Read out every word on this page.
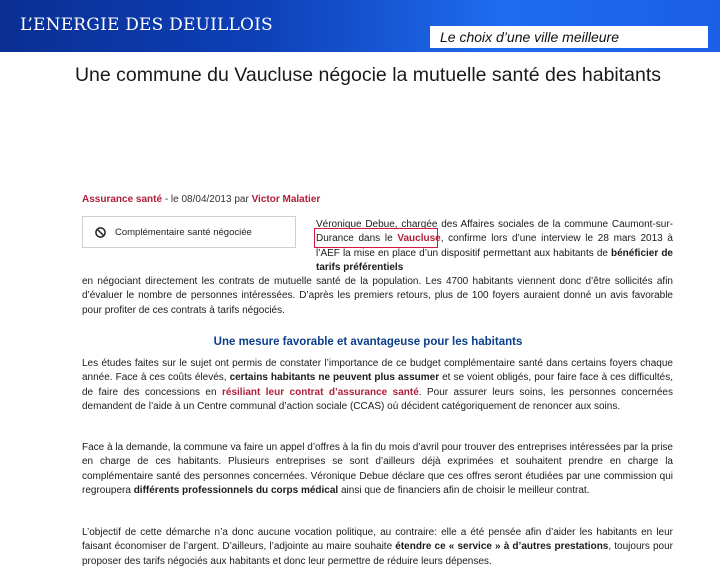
L’ENERGIE DES DEUILLOIS
Le choix d’une ville meilleure
Une commune du Vaucluse négocie la mutuelle santé des habitants
Assurance santé - le 08/04/2013 par Victor Malatier
Complémentaire santé négociée
Véronique Debue, chargée des Affaires sociales de la commune Caumont-sur-Durance dans le Vaucluse, confirme lors d’une interview le 28 mars 2013 à l’AEF la mise en place d’un dispositif permettant aux habitants de bénéficier de tarifs préférentiels
en négociant directement les contrats de mutuelle santé de la population. Les 4700 habitants viennent donc d’être sollicités afin d’évaluer le nombre de personnes intéressées. D’après les premiers retours, plus de 100 foyers auraient donné un avis favorable pour profiter de ces contrats à tarifs négociés.
Une mesure favorable et avantageuse pour les habitants
Les études faites sur le sujet ont permis de constater l’importance de ce budget complémentaire santé dans certains foyers chaque année. Face à ces coûts élevés, certains habitants ne peuvent plus assumer et se voient obligés, pour faire face à ces difficultés, de faire des concessions en résiliant leur contrat d’assurance santé. Pour assurer leurs soins, les personnes concernées demandent de l’aide à un Centre communal d’action sociale (CCAS) où décident catégoriquement de renoncer aux soins.
Face à la demande, la commune va faire un appel d’offres à la fin du mois d’avril pour trouver des entreprises intéressées par la prise en charge de ces habitants. Plusieurs entreprises se sont d’ailleurs déjà exprimées et souhaitent prendre en charge la complémentaire santé des personnes concernées. Véronique Debue déclare que ces offres seront étudiées par une commission qui regroupera différents professionnels du corps médical ainsi que de financiers afin de choisir le meilleur contrat.
L’objectif de cette démarche n’a donc aucune vocation politique, au contraire: elle a été pensée afin d’aider les habitants en leur faisant économiser de l’argent. D’ailleurs, l’adjointe au maire souhaite étendre ce « service » à d’autres prestations, toujours pour proposer des tarifs négociés aux habitants et donc leur permettre de réduire leurs dépenses.
